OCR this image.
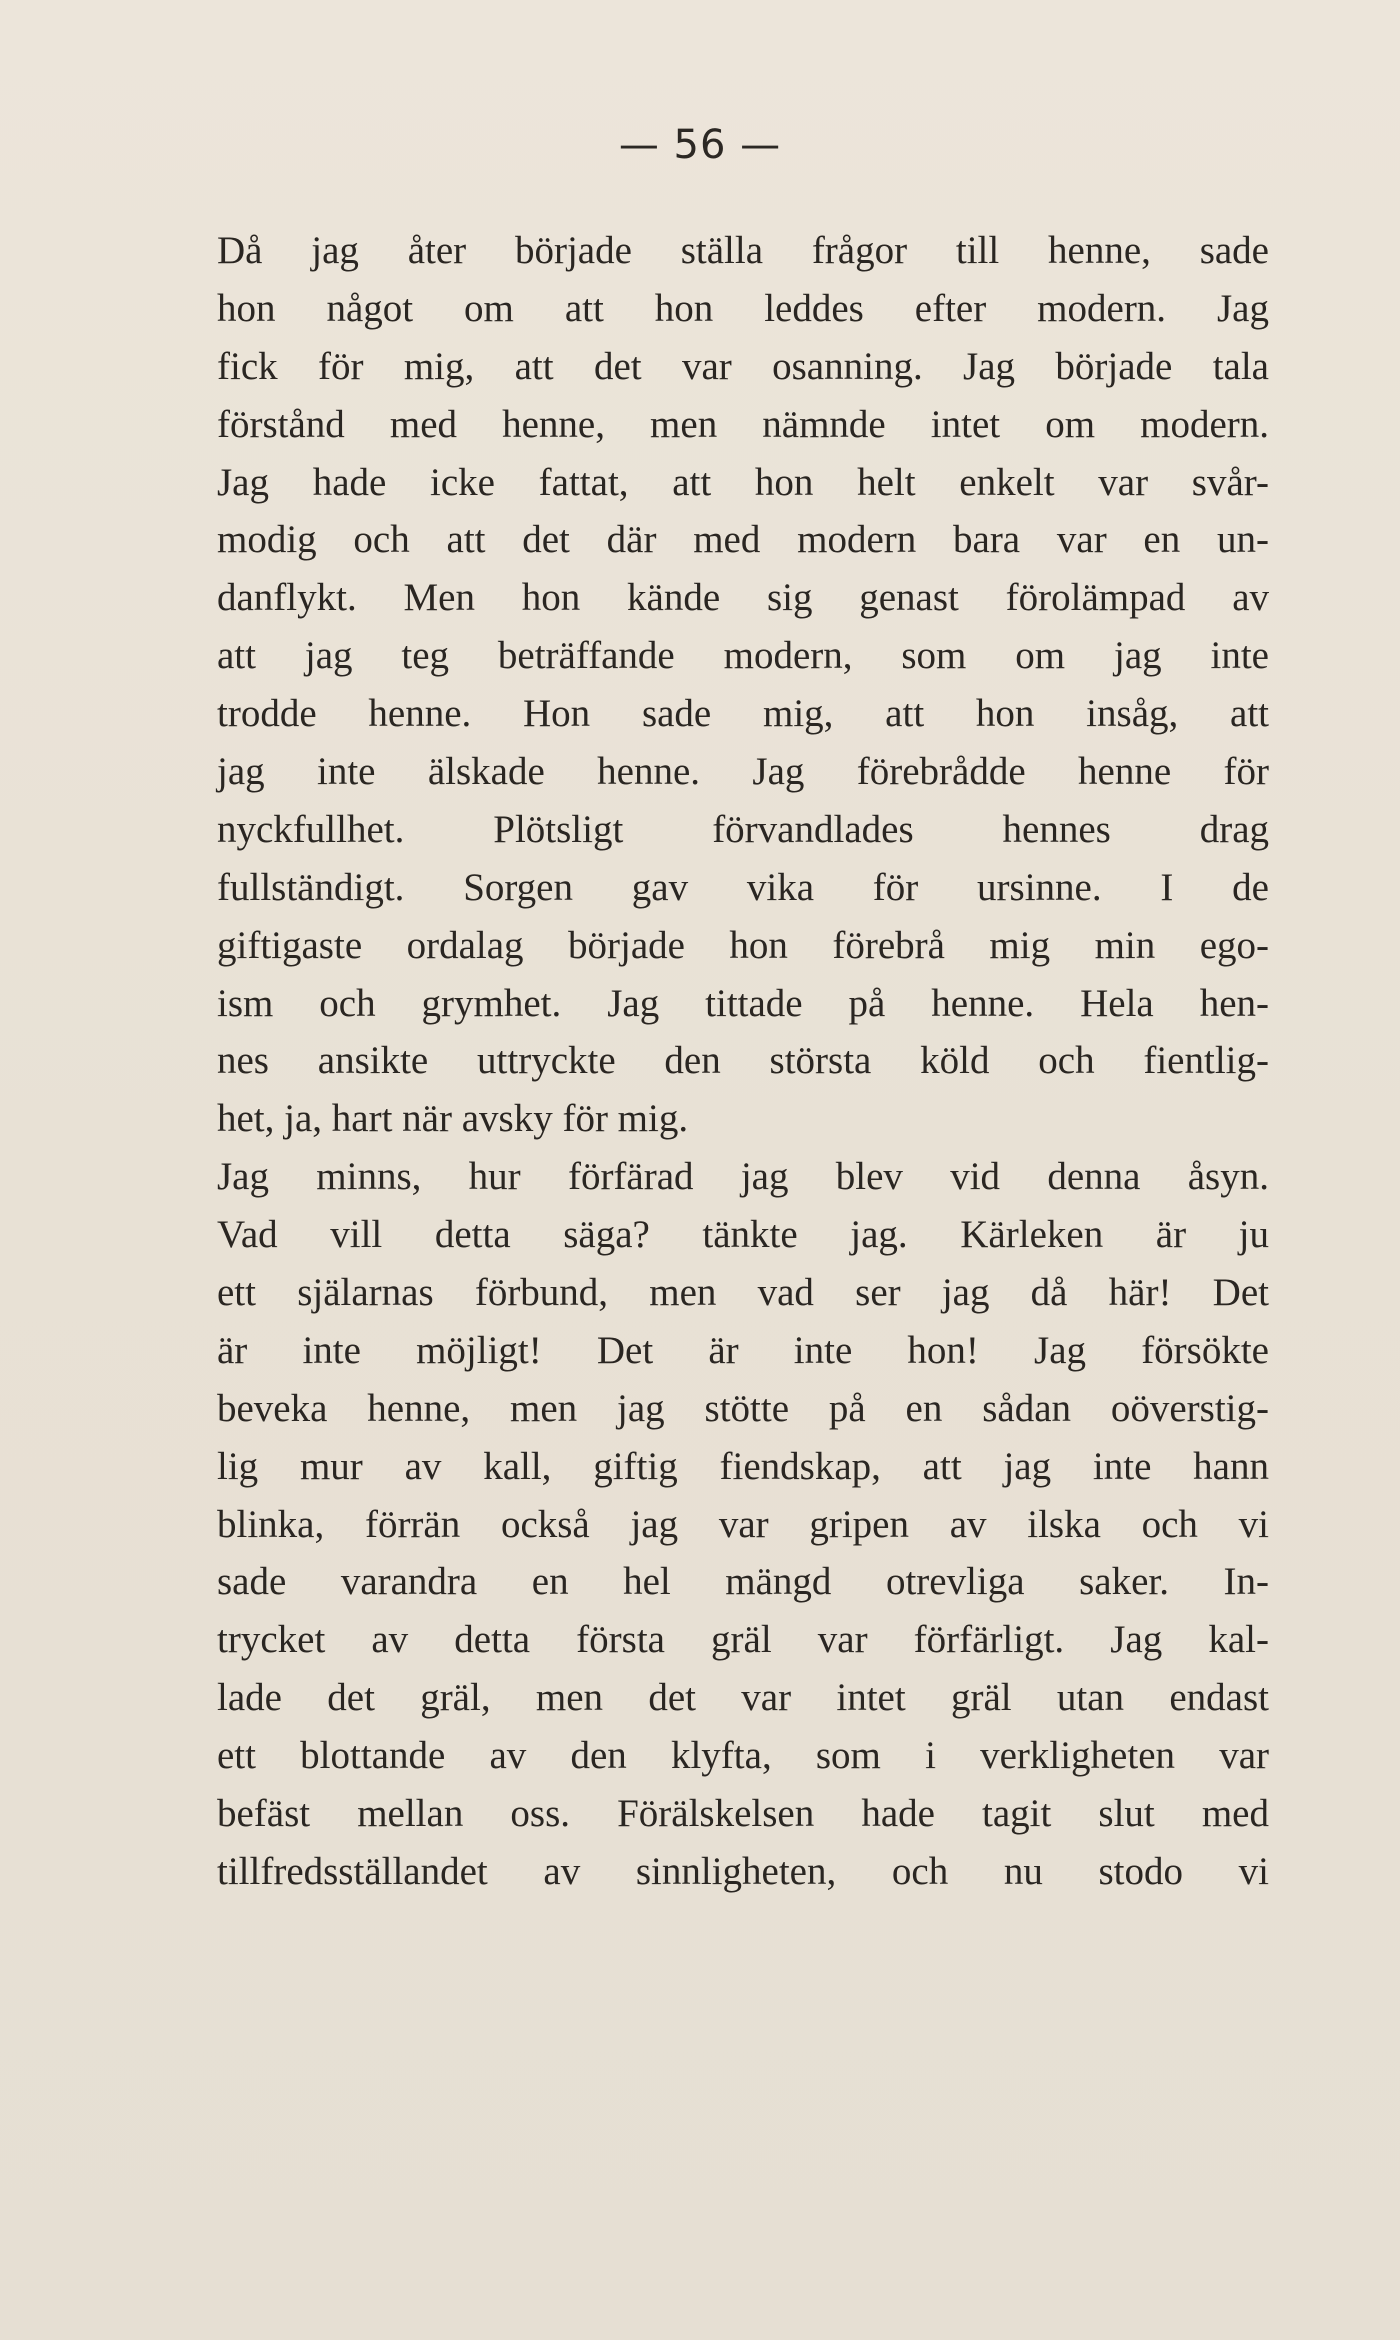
— 56 —
Då jag åter började ställa frågor till henne, sade
hon något om att hon leddes efter modern. Jag
fick för mig, att det var osanning. Jag började tala
förstånd med henne, men nämnde intet om modern.
Jag hade icke fattat, att hon helt enkelt var svår-
modig och att det där med modern bara var en un-
danflykt. Men hon kände sig genast förolämpad av
att jag teg beträffande modern, som om jag inte
trodde henne. Hon sade mig, att hon insåg, att
jag inte älskade henne. Jag förebrådde henne för
nyckfullhet. Plötsligt förvandlades hennes drag
fullständigt. Sorgen gav vika för ursinne. I de
giftigaste ordalag började hon förebrå mig min ego-
ism och grymhet. Jag tittade på henne. Hela hen-
nes ansikte uttryckte den största köld och fientlig-
het, ja, hart när avsky för mig.
Jag minns, hur förfärad jag blev vid denna åsyn.
Vad vill detta säga? tänkte jag. Kärleken är ju
ett själarnas förbund, men vad ser jag då här! Det
är inte möjligt! Det är inte hon! Jag försökte
beveka henne, men jag stötte på en sådan oöverstig-
lig mur av kall, giftig fiendskap, att jag inte hann
blinka, förrän också jag var gripen av ilska och vi
sade varandra en hel mängd otrevliga saker. In-
trycket av detta första gräl var förfärligt. Jag kal-
lade det gräl, men det var intet gräl utan endast
ett blottande av den klyfta, som i verkligheten var
befäst mellan oss. Förälskelsen hade tagit slut med
tillfredsställandet av sinnligheten, och nu stodo vi
